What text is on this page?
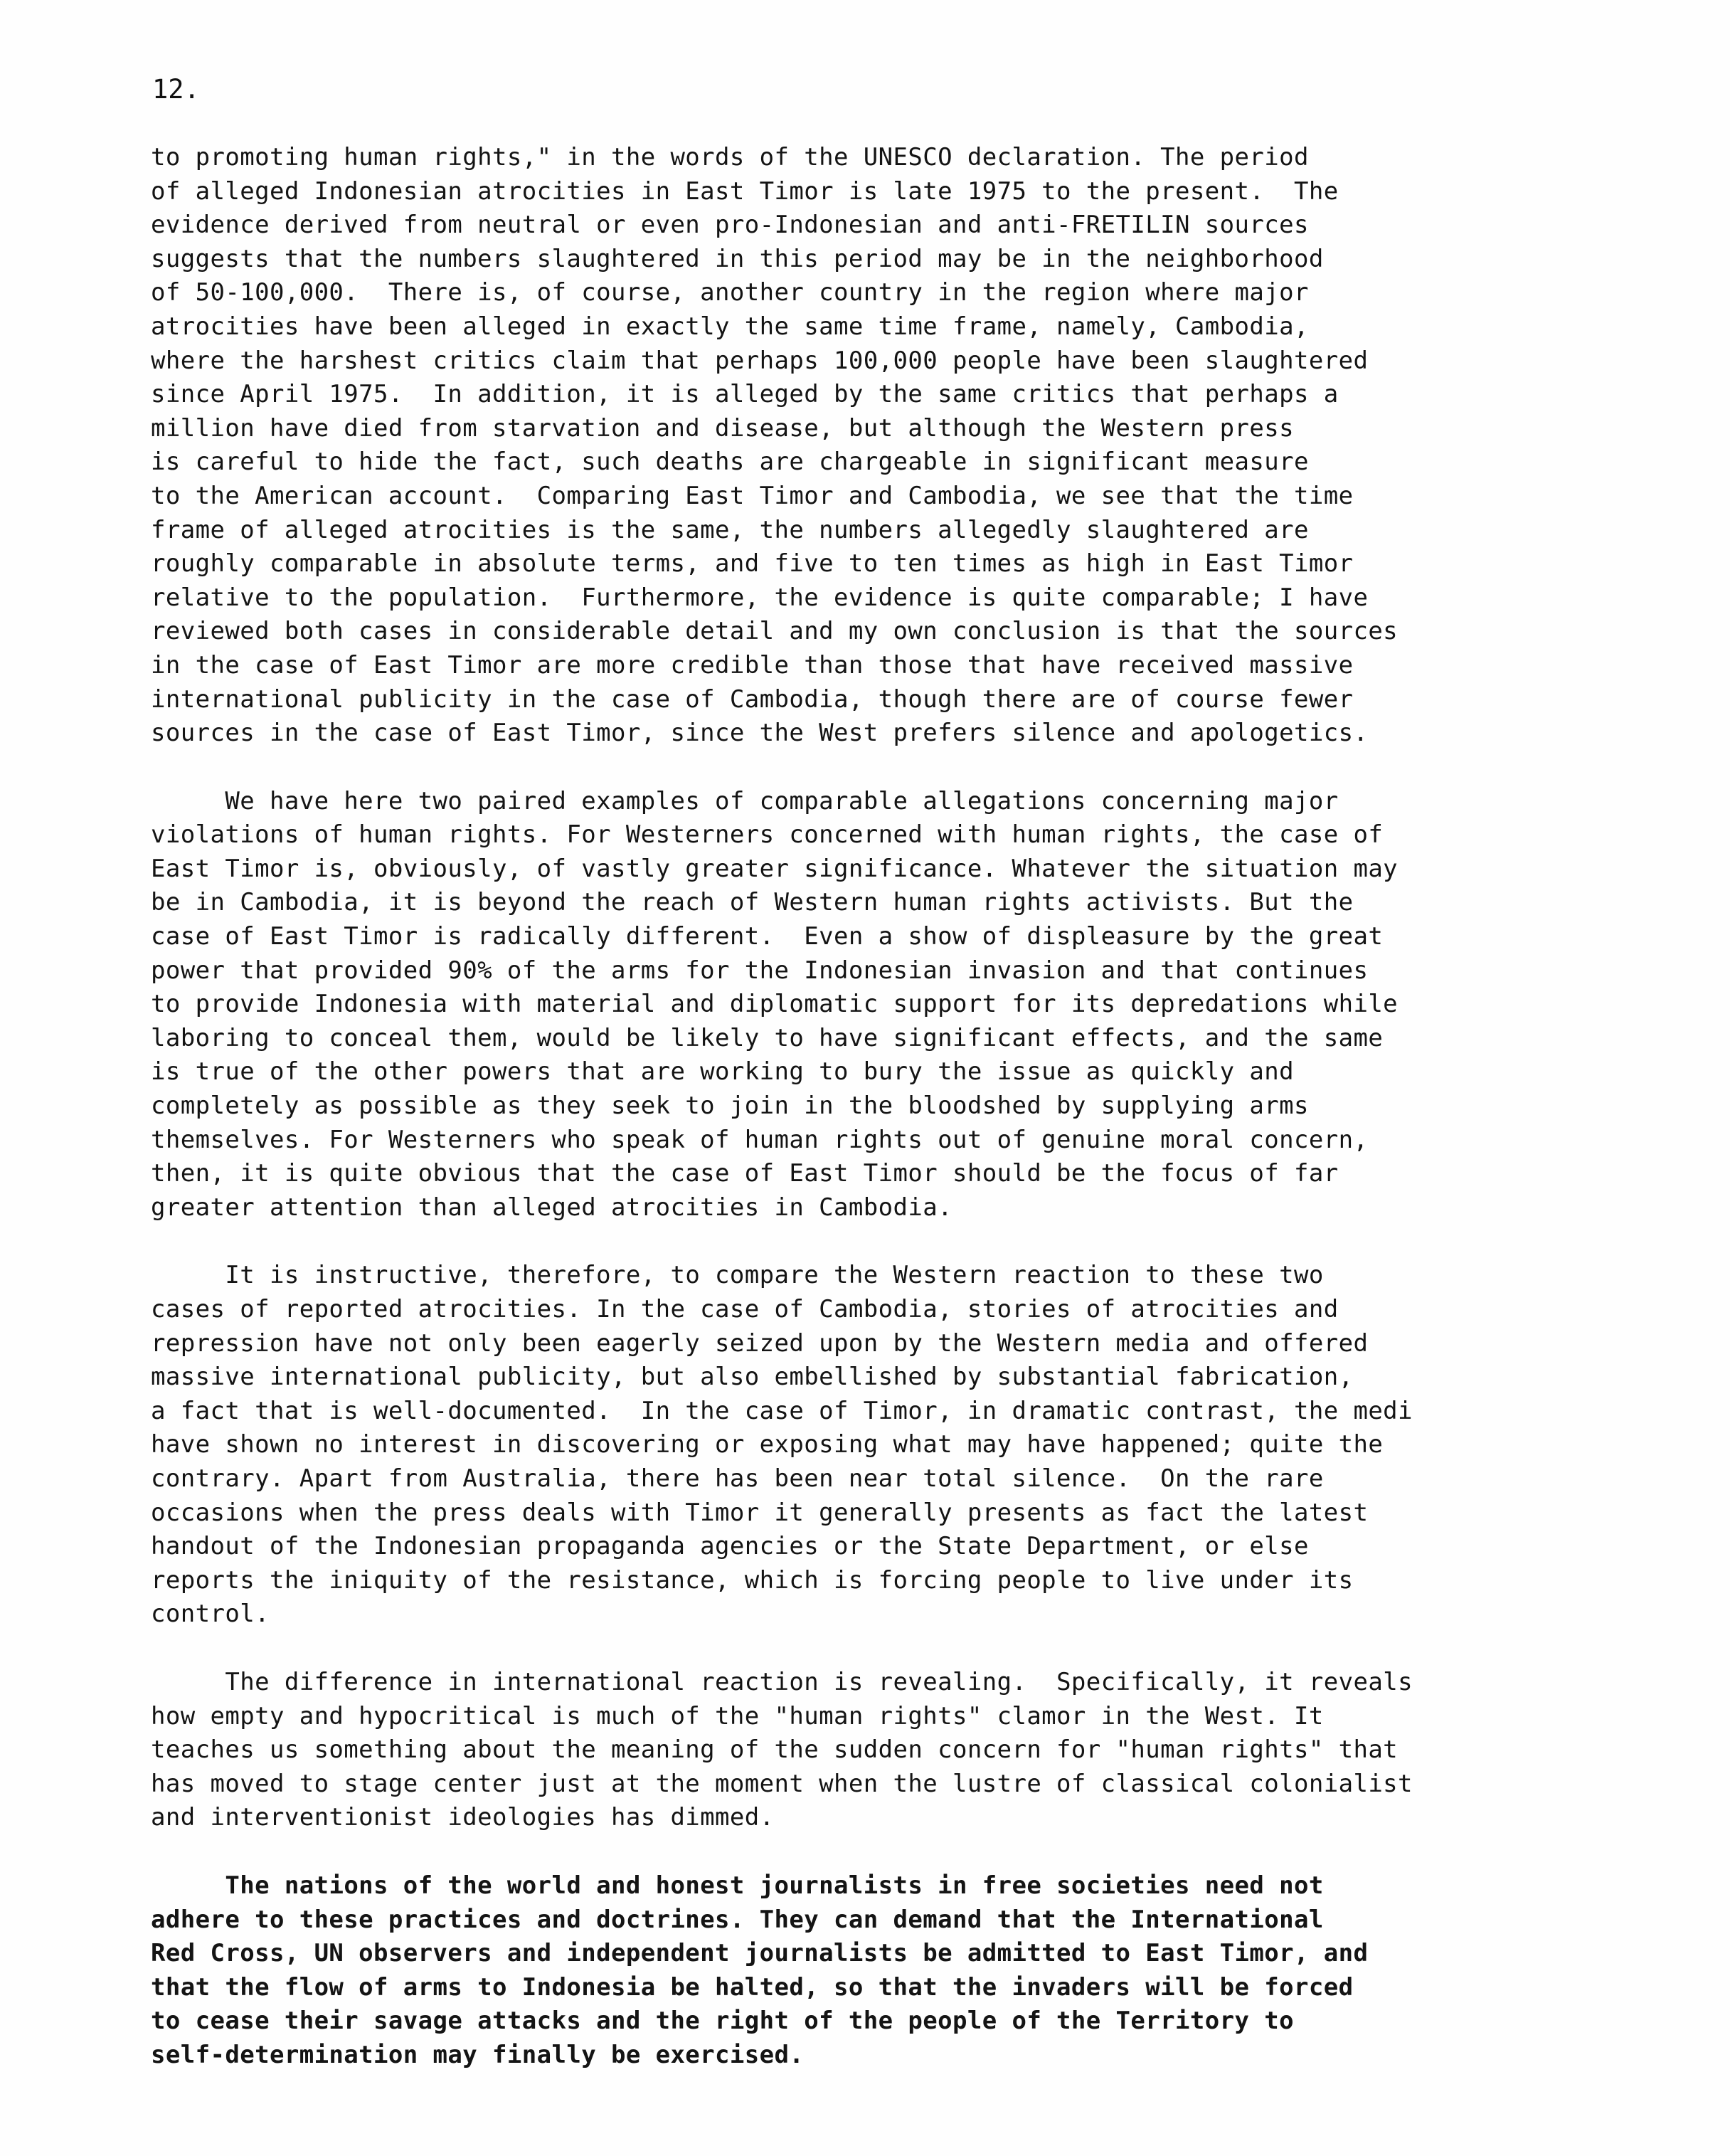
12.

to promoting human rights," in the words of the UNESCO declaration. The period
of alleged Indonesian atrocities in East Timor is late 1975 to the present.  The
evidence derived from neutral or even pro-Indonesian and anti-FRETILIN sources
suggests that the numbers slaughtered in this period may be in the neighborhood
of 50-100,000.  There is, of course, another country in the region where major
atrocities have been alleged in exactly the same time frame, namely, Cambodia,
where the harshest critics claim that perhaps 100,000 people have been slaughtered
since April 1975.  In addition, it is alleged by the same critics that perhaps a
million have died from starvation and disease, but although the Western press
is careful to hide the fact, such deaths are chargeable in significant measure
to the American account.  Comparing East Timor and Cambodia, we see that the time
frame of alleged atrocities is the same, the numbers allegedly slaughtered are
roughly comparable in absolute terms, and five to ten times as high in East Timor
relative to the population.  Furthermore, the evidence is quite comparable; I have
reviewed both cases in considerable detail and my own conclusion is that the sources
in the case of East Timor are more credible than those that have received massive
international publicity in the case of Cambodia, though there are of course fewer
sources in the case of East Timor, since the West prefers silence and apologetics.

We have here two paired examples of comparable allegations concerning major
violations of human rights. For Westerners concerned with human rights, the case of
East Timor is, obviously, of vastly greater significance. Whatever the situation may
be in Cambodia, it is beyond the reach of Western human rights activists. But the
case of East Timor is radically different.  Even a show of displeasure by the great
power that provided 90% of the arms for the Indonesian invasion and that continues
to provide Indonesia with material and diplomatic support for its depredations while
laboring to conceal them, would be likely to have significant effects, and the same
is true of the other powers that are working to bury the issue as quickly and
completely as possible as they seek to join in the bloodshed by supplying arms
themselves. For Westerners who speak of human rights out of genuine moral concern,
then, it is quite obvious that the case of East Timor should be the focus of far
greater attention than alleged atrocities in Cambodia.

It is instructive, therefore, to compare the Western reaction to these two
cases of reported atrocities. In the case of Cambodia, stories of atrocities and
repression have not only been eagerly seized upon by the Western media and offered
massive international publicity, but also embellished by substantial fabrication,
a fact that is well-documented.  In the case of Timor, in dramatic contrast, the medi
have shown no interest in discovering or exposing what may have happened; quite the
contrary. Apart from Australia, there has been near total silence.  On the rare
occasions when the press deals with Timor it generally presents as fact the latest
handout of the Indonesian propaganda agencies or the State Department, or else
reports the iniquity of the resistance, which is forcing people to live under its
control.

The difference in international reaction is revealing.  Specifically, it reveals
how empty and hypocritical is much of the "human rights" clamor in the West. It
teaches us something about the meaning of the sudden concern for "human rights" that
has moved to stage center just at the moment when the lustre of classical colonialist
and interventionist ideologies has dimmed.

The nations of the world and honest journalists in free societies need not
adhere to these practices and doctrines. They can demand that the International
Red Cross, UN observers and independent journalists be admitted to East Timor, and
that the flow of arms to Indonesia be halted, so that the invaders will be forced
to cease their savage attacks and the right of the people of the Territory to
self-determination may finally be exercised.
